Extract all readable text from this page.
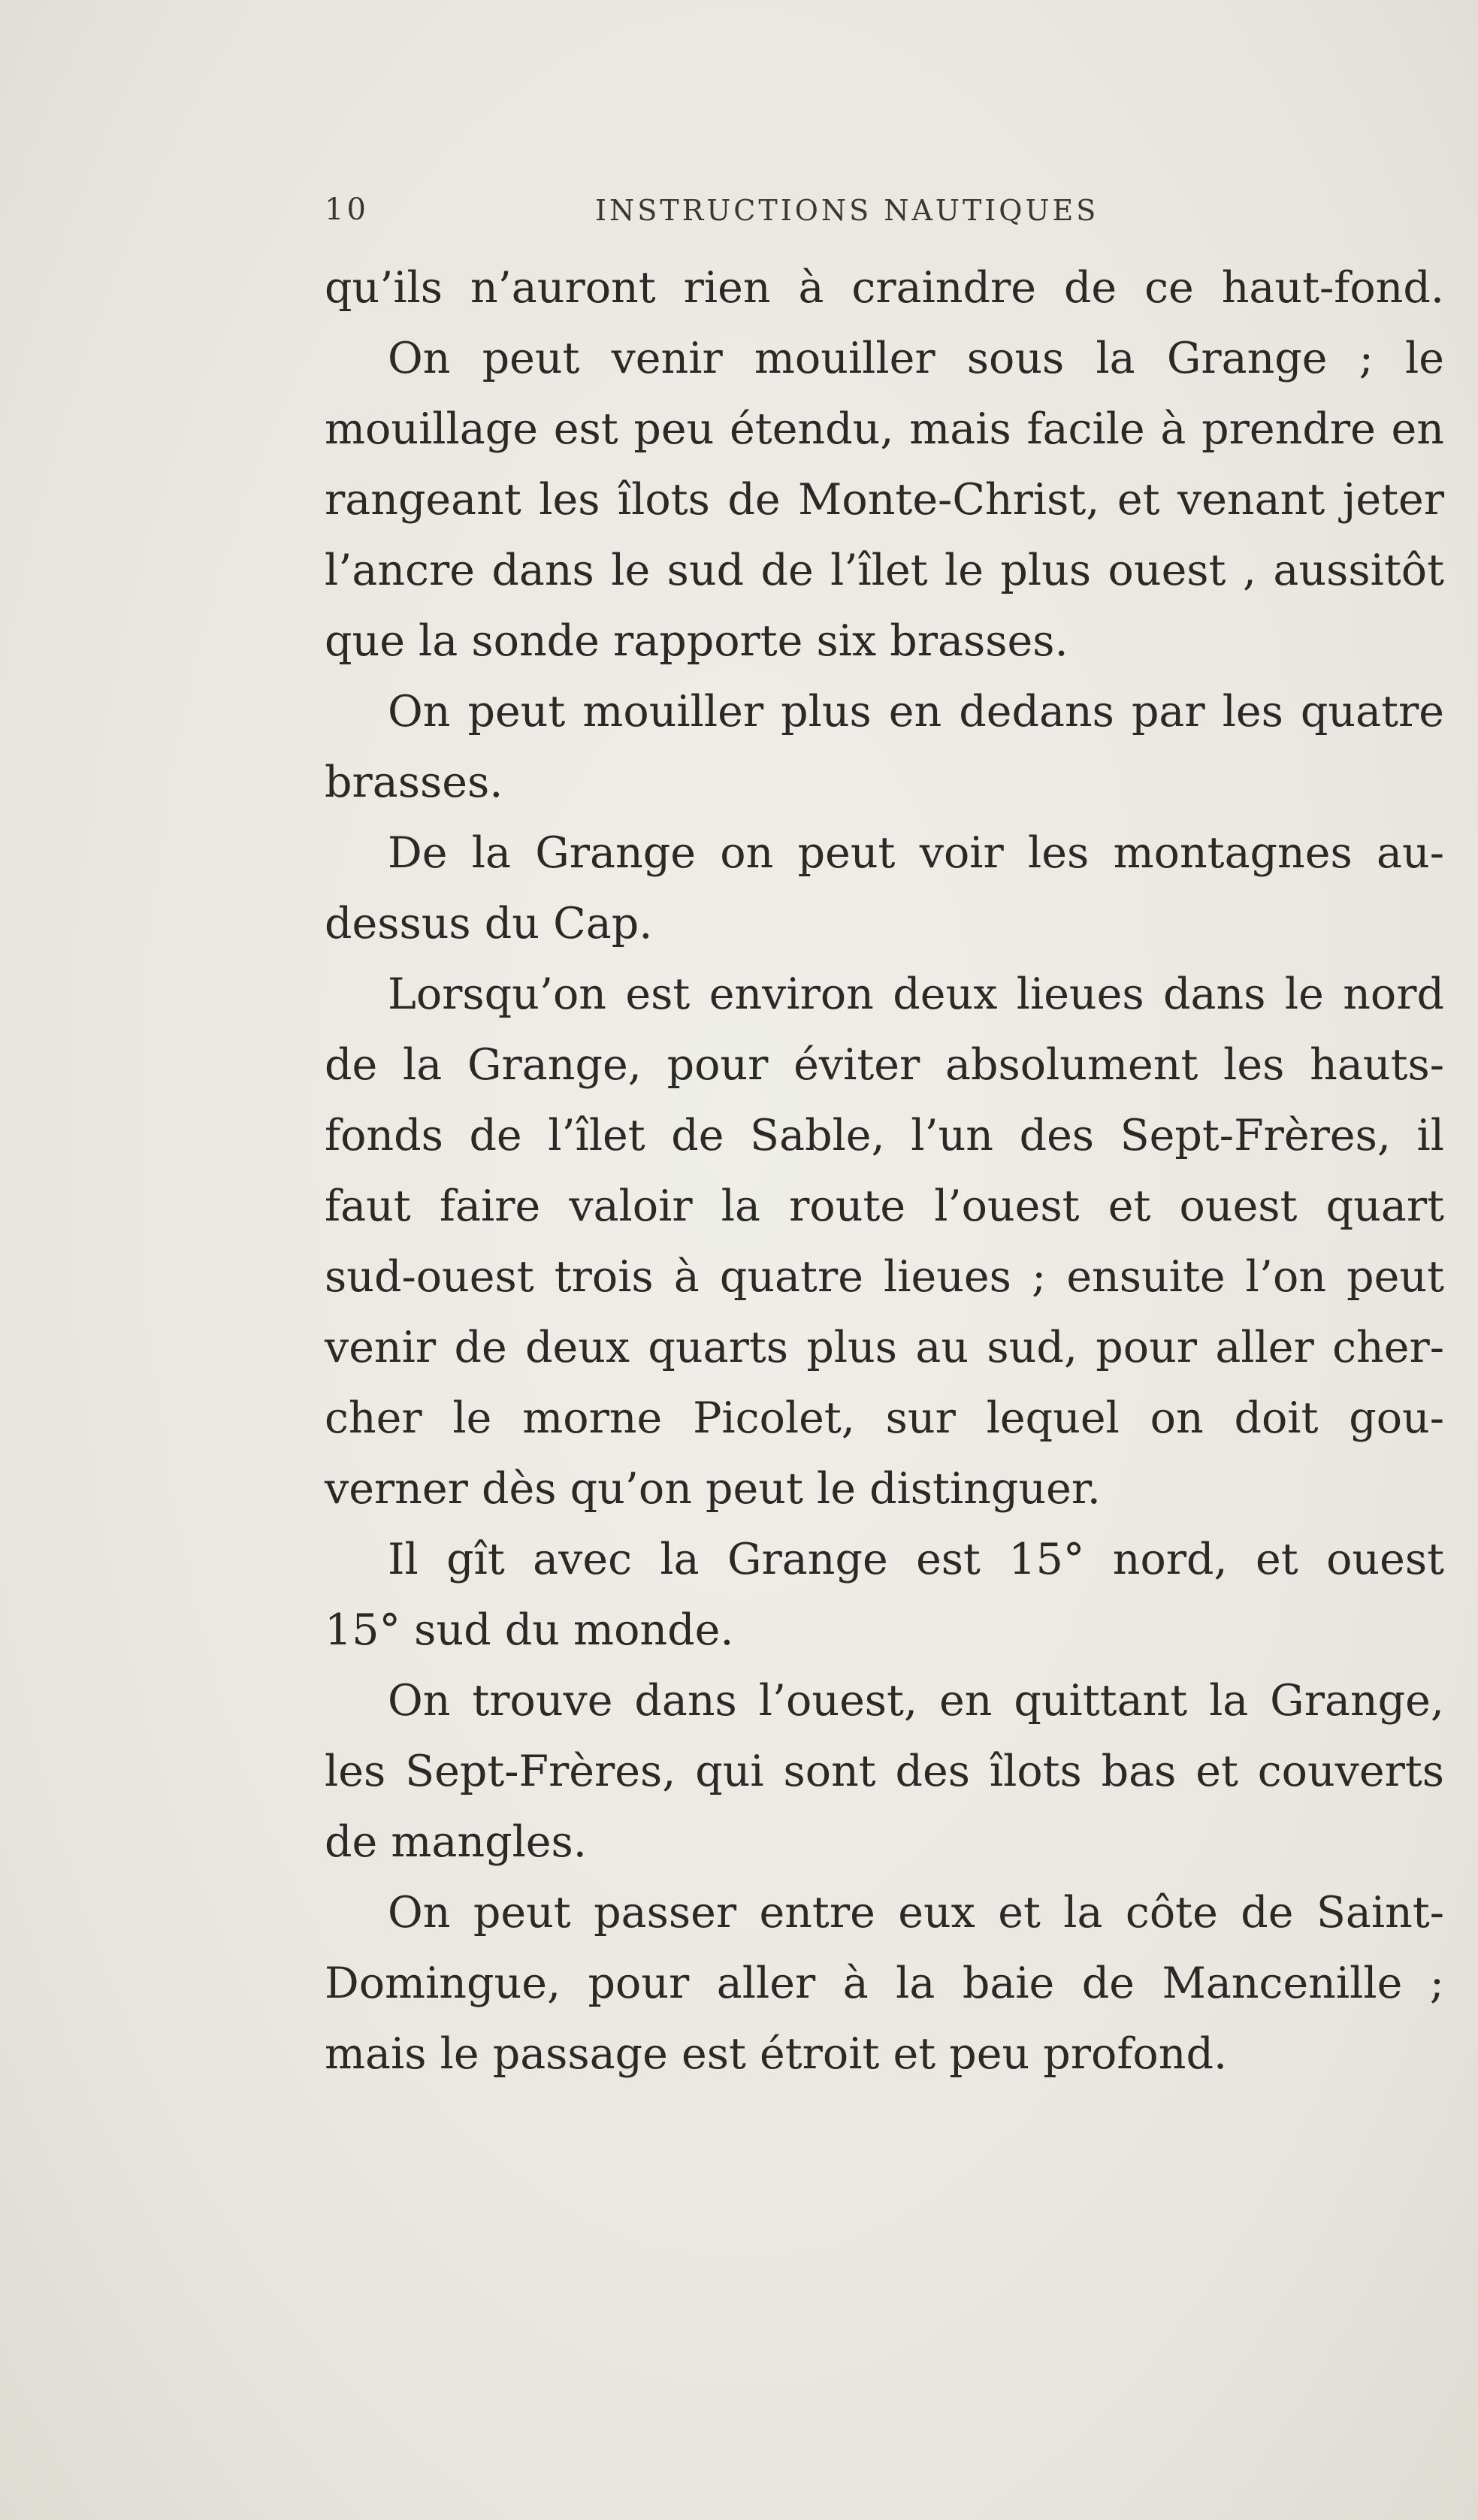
10	INSTRUCTIONS NAUTIQUES
qu’ils n’auront rien à craindre de ce haut-fond.
On peut venir mouiller sous la Grange ; le
mouillage est peu étendu, mais facile à prendre en
rangeant les îlots de Monte-Christ, et venant jeter
l’ancre dans le sud de l’îlet le plus ouest , aussitôt
que la sonde rapporte six brasses.
On peut mouiller plus en dedans par les quatre
brasses.
De la Grange on peut voir les montagnes au-
dessus du Cap.
Lorsqu’on est environ deux lieues dans le nord
de la Grange, pour éviter absolument les hauts-
fonds de l’îlet de Sable, l’un des Sept-Frères, il
faut faire valoir la route l’ouest et ouest quart
sud-ouest trois à quatre lieues ; ensuite l’on peut
venir de deux quarts plus au sud, pour aller cher-
cher le morne Picolet, sur lequel on doit gou-
verner dès qu’on peut le distinguer.
Il gît avec la Grange est 15° nord, et ouest
15° sud du monde.
On trouve dans l’ouest, en quittant la Grange,
les Sept-Frères, qui sont des îlots bas et couverts
de mangles.
On peut passer entre eux et la côte de Saint-
Domingue, pour aller à la baie de Mancenille ;
mais le passage est étroit et peu profond.
